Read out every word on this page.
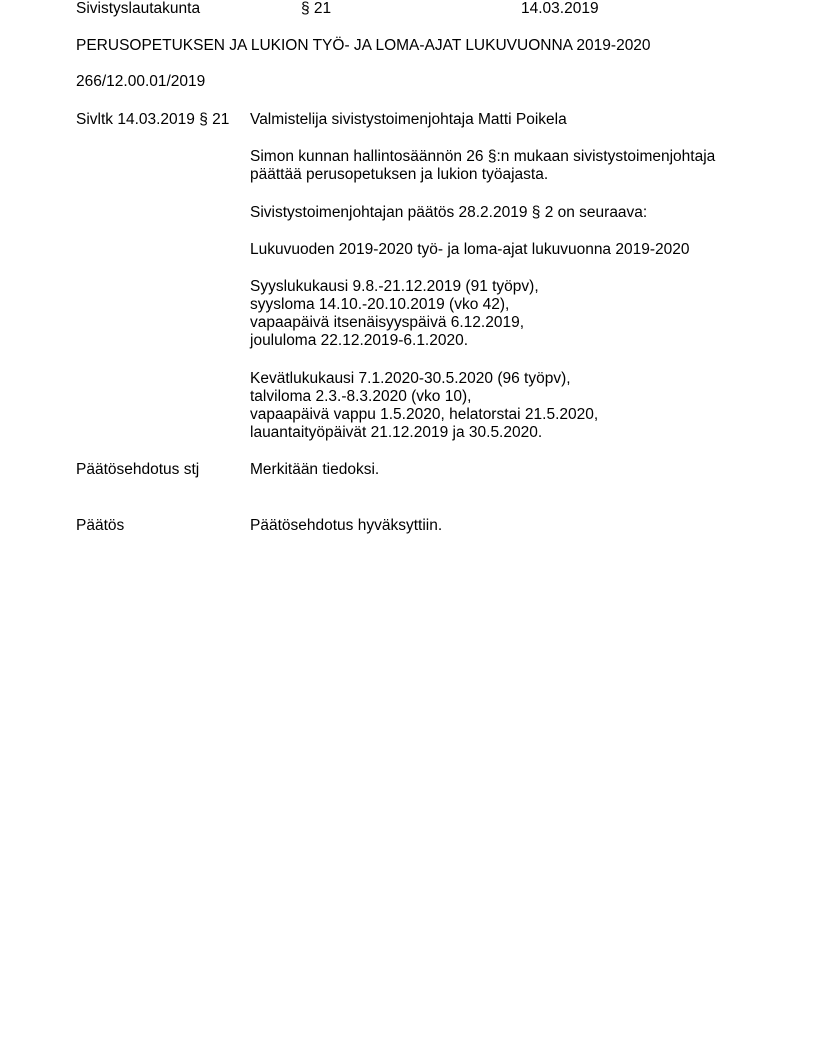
Sivistyslautakunta	§ 21	14.03.2019
PERUSOPETUKSEN JA LUKION TYÖ- JA LOMA-AJAT LUKUVUONNA 2019-2020
266/12.00.01/2019
Sivltk 14.03.2019 § 21 Valmistelija sivistystoimenjohtaja Matti Poikela
Simon kunnan hallintosäännön 26 §:n mukaan sivistystoimenjohtaja
päättää perusopetuksen ja lukion työajasta.
Sivistystoimenjohtajan päätös 28.2.2019 § 2 on seuraava:
Lukuvuoden 2019-2020 työ- ja loma-ajat lukuvuonna 2019-2020
Syyslukukausi 9.8.-21.12.2019 (91 työpv),
syysloma 14.10.-20.10.2019 (vko 42),
vapaapäivä itsenäisyyspäivä 6.12.2019,
joululoma 22.12.2019-6.1.2020.
Kevätlukukausi 7.1.2020-30.5.2020 (96 työpv),
talviloma 2.3.-8.3.2020 (vko 10),
vapaapäivä vappu 1.5.2020, helatorstai 21.5.2020,
lauantaityöpäivät 21.12.2019 ja 30.5.2020.
Päätösehdotus stj	Merkitään tiedoksi.
Päätös	Päätösehdotus hyväksyttiin.
